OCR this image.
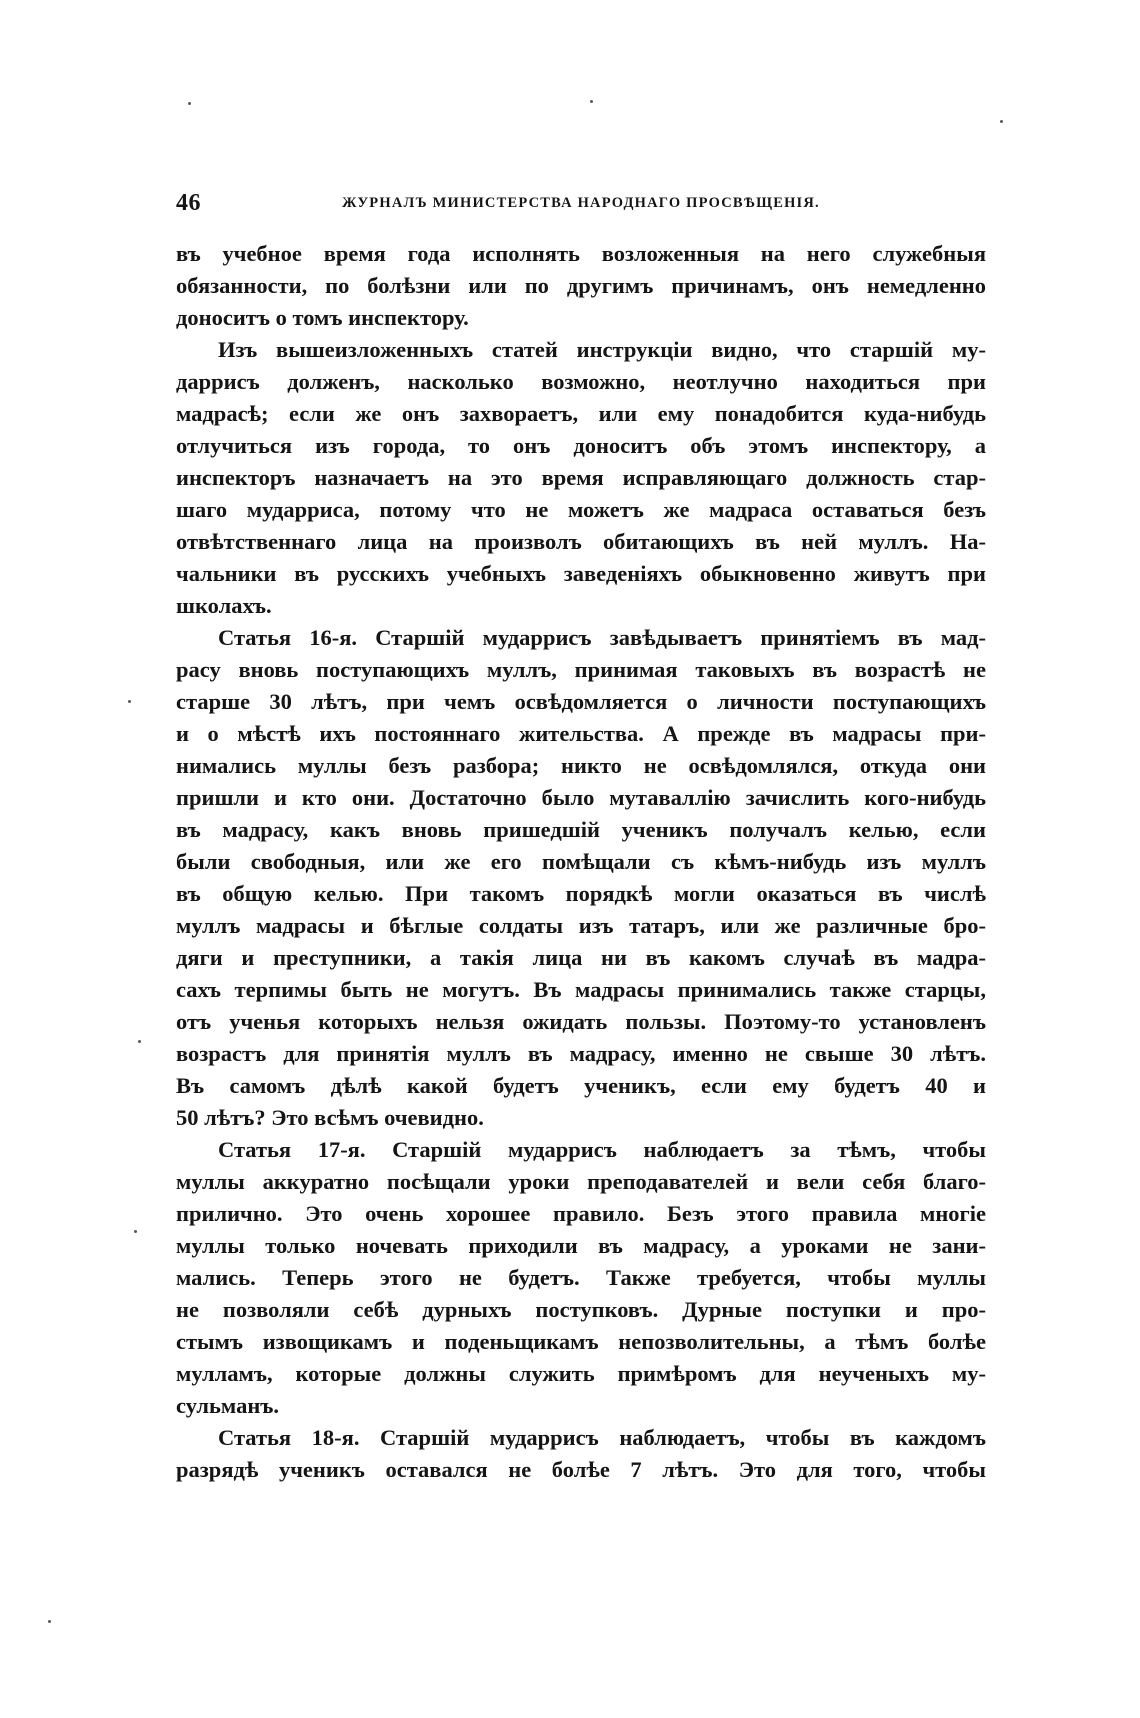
46	ЖУРНАЛЪ МИНИСТЕРСТВА НАРОДНАГО ПРОСВѢЩЕНІЯ.
въ учебное время года исполнять возложенныя на него служебныя
обязанности, по болѣзни или по другимъ причинамъ, онъ немедленно
доноситъ о томъ инспектору.
Изъ вышеизложенныхъ статей инструкціи видно, что старшій му-
даррисъ долженъ, насколько возможно, неотлучно находиться при
мадрасѣ; если же онъ захвораетъ, или ему понадобится куда-нибудь
отлучиться изъ города, то онъ доноситъ объ этомъ инспектору, а
инспекторъ назначаетъ на это время исправляющаго должность стар-
шаго мударриса, потому что не можетъ же мадраса оставаться безъ
отвѣтственнаго лица на произволъ обитающихъ въ ней муллъ. На-
чальники въ русскихъ учебныхъ заведеніяхъ обыкновенно живутъ при
школахъ.
Статья 16-я. Старшій мударрисъ завѣдываетъ принятіемъ въ мад-
расу вновь поступающихъ муллъ, принимая таковыхъ въ возрастѣ не
старше 30 лѣтъ, при чемъ освѣдомляется о личности поступающихъ
и о мѣстѣ ихъ постояннаго жительства. А прежде въ мадрасы при-
нимались муллы безъ разбора; никто не освѣдомлялся, откуда они
пришли и кто они. Достаточно было мутаваллію зачислить кого-нибудь
въ мадрасу, какъ вновь пришедшій ученикъ получалъ келью, если
были свободныя, или же его помѣщали съ кѣмъ-нибудь изъ муллъ
въ общую келью. При такомъ порядкѣ могли оказаться въ числѣ
муллъ мадрасы и бѣглые солдаты изъ татаръ, или же различные бро-
дяги и преступники, а такія лица ни въ какомъ случаѣ въ мадра-
сахъ терпимы быть не могутъ. Въ мадрасы принимались также старцы,
отъ ученья которыхъ нельзя ожидать пользы. Поэтому-то установленъ
возрастъ для принятія муллъ въ мадрасу, именно не свыше 30 лѣтъ.
Въ самомъ дѣлѣ какой будетъ ученикъ, если ему будетъ 40 и
50 лѣтъ? Это всѣмъ очевидно.
Статья 17-я. Старшій мударрисъ наблюдаетъ за тѣмъ, чтобы
муллы аккуратно посѣщали уроки преподавателей и вели себя благо-
прилично. Это очень хорошее правило. Безъ этого правила многіе
муллы только ночевать приходили въ мадрасу, а уроками не зани-
мались. Теперь этого не будетъ. Также требуется, чтобы муллы
не позволяли себѣ дурныхъ поступковъ. Дурные поступки и про-
стымъ извощикамъ и поденьщикамъ непозволительны, а тѣмъ болѣе
мулламъ, которые должны служить примѣромъ для неученыхъ му-
сульманъ.
Статья 18-я. Старшій мударрисъ наблюдаетъ, чтобы въ каждомъ
разрядѣ ученикъ оставался не болѣе 7 лѣтъ. Это для того, чтобы
